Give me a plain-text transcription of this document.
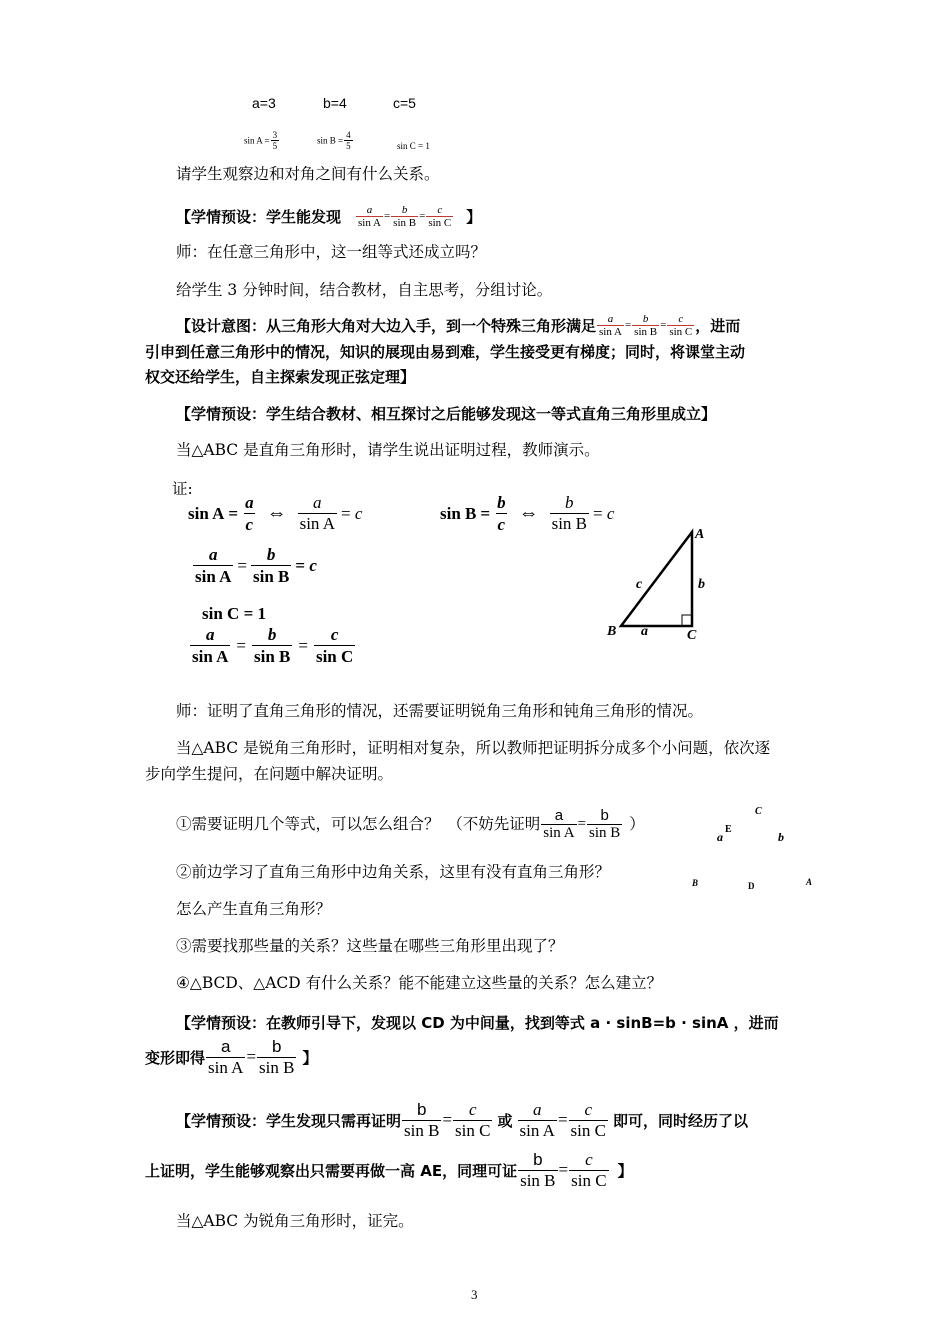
a=3	b=4	c=5
$\sin A = \frac{3}{5}$	$\sin B = \frac{4}{5}$	sin C = 1
请学生观察边和对角之间有什么关系。
【学情预设：学生能发现 $\frac{a}{\text{sin A}} = \frac{b}{\text{sin B}} = \frac{c}{\text{sin C}}$ 】
师：在任意三角形中，这一组等式还成立吗？
给学生 3 分钟时间，结合教材，自主思考，分组讨论。
【设计意图：从三角形大角对大边入手，到一个特殊三角形满足 $\frac{a}{\text{sin A}} = \frac{b}{\text{sin B}} = \frac{c}{\text{sin C}}$ ，进而
引申到任意三角形中的情况，知识的展现由易到难，学生接受更有梯度；同时，将课堂主动
权交还给学生，自主探索发现正弦定理】
【学情预设：学生结合教材、相互探讨之后能够发现这一等式直角三角形里成立】
当△ABC 是直角三角形时，请学生说出证明过程，教师演示。
证:
$\sin A = \frac{a}{c}$ ⇔ $\frac{a}{\text{sin A}} = c$	$\sin B = \frac{b}{c}$ ⇔ $\frac{b}{\text{sin B}} = c$
$\frac{a}{\text{sin A}} = \frac{b}{\text{sin B}} = c$
sin C = 1
$\frac{a}{\text{sin A}} = \frac{b}{\text{sin B}} = \frac{c}{\text{sin C}}$
A
c	b
B a	C
师：证明了直角三角形的情况，还需要证明锐角三角形和钝角三角形的情况。
当△ABC 是锐角三角形时，证明相对复杂，所以教师把证明拆分成多个小问题，依次逐
步向学生提问，在问题中解决证明。
①需要证明几个等式，可以怎么组合？　（不妨先证明 $\frac{a}{\text{sin A}} = \frac{b}{\text{sin B}}$ ）
C
a
E
b
B	D	A
②前边学习了直角三角形中边角关系，这里有没有直角三角形？
怎么产生直角三角形？
③需要找那些量的关系？这些量在哪些三角形里出现了？
④△BCD、△ACD 有什么关系？能不能建立这些量的关系？怎么建立？
【学情预设：在教师引导下，发现以 CD 为中间量，找到等式 a · sinB=b · sinA ，进而
变形即得 $\frac{a}{\text{sin A}} = \frac{b}{\text{sin B}}$ 】
【学情预设：学生发现只需再证明 $\frac{b}{\text{sin B}} = \frac{c}{\text{sin C}}$ 或 $\frac{a}{\text{sin A}} = \frac{c}{\text{sin C}}$ 即可，同时经历了以
上证明，学生能够观察出只需要再做一高 AE，同理可证 $\frac{b}{\text{sin B}} = \frac{c}{\text{sin C}}$ 】
当△ABC 为锐角三角形时，证完。
3
